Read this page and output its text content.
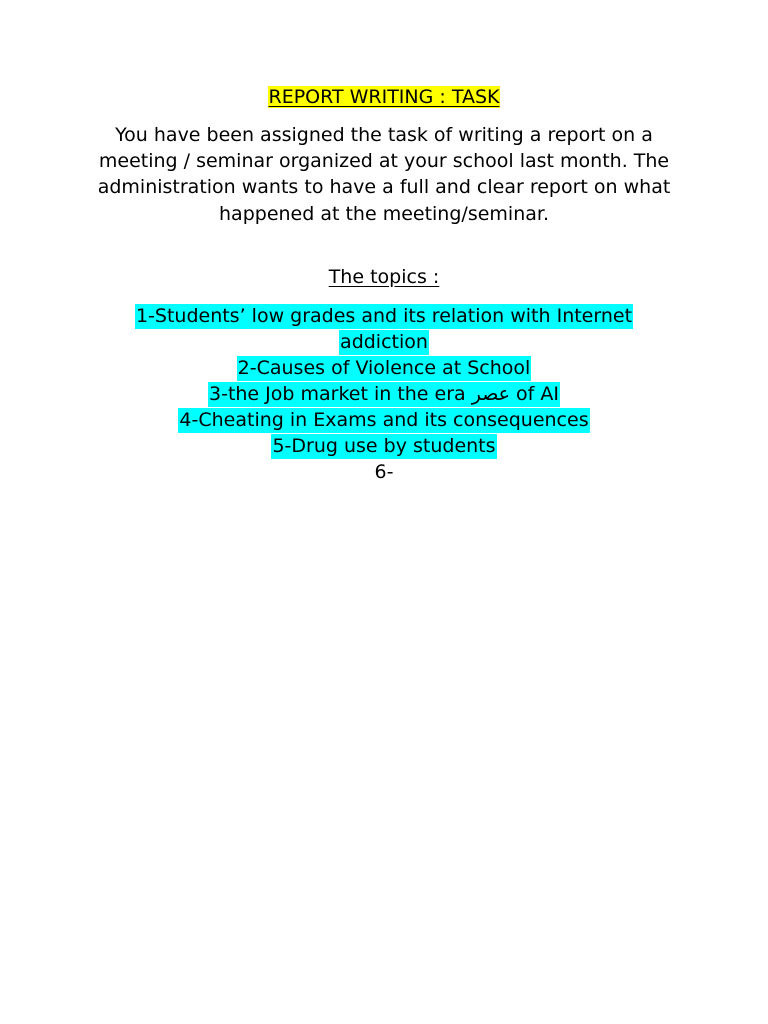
REPORT WRITING : TASK

You have been assigned the task of writing a report on a meeting / seminar organized at your school last month. The administration wants to have a full and clear report on what happened at the meeting/seminar.

The topics :
1-Students’ low grades and its relation with Internet addiction
2-Causes of Violence at School
3-the Job market in the era عصر of AI
4-Cheating in Exams and its consequences
5-Drug use by students
6-
